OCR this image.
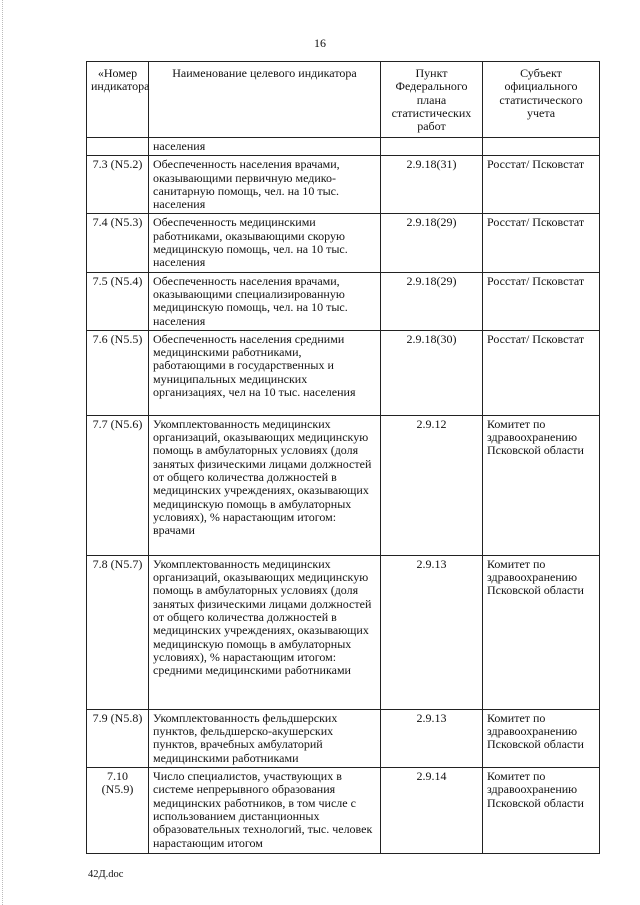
16
«Номер индикатора	Наименование целевого индикатора	Пункт Федерального плана статистических работ	Субъект официального статистического учета
	населения		
7.3 (N5.2)	Обеспеченность населения врачами, оказывающими первичную медико-санитарную помощь, чел. на 10 тыс. населения	2.9.18(31)	Росстат/ Псковстат
7.4 (N5.3)	Обеспеченность медицинскими работниками, оказывающими скорую медицинскую помощь, чел. на 10 тыс. населения	2.9.18(29)	Росстат/ Псковстат
7.5 (N5.4)	Обеспеченность населения врачами, оказывающими специализированную медицинскую помощь, чел. на 10 тыс. населения	2.9.18(29)	Росстат/ Псковстат
7.6 (N5.5)	Обеспеченность населения средними медицинскими работниками, работающими в государственных и муниципальных медицинских организациях, чел на 10 тыс. населения	2.9.18(30)	Росстат/ Псковстат
7.7 (N5.6)	Укомплектованность медицинских организаций, оказывающих медицинскую помощь в амбулаторных условиях (доля занятых физическими лицами должностей от общего количества должностей в медицинских учреждениях, оказывающих медицинскую помощь в амбулаторных условиях), % нарастающим итогом: врачами	2.9.12	Комитет по здравоохранению Псковской области
7.8 (N5.7)	Укомплектованность медицинских организаций, оказывающих медицинскую помощь в амбулаторных условиях (доля занятых физическими лицами должностей от общего количества должностей в медицинских учреждениях, оказывающих медицинскую помощь в амбулаторных условиях), % нарастающим итогом: средними медицинскими работниками	2.9.13	Комитет по здравоохранению Псковской области
7.9 (N5.8)	Укомплектованность фельдшерских пунктов, фельдшерско-акушерских пунктов, врачебных амбулаторий медицинскими работниками	2.9.13	Комитет по здравоохранению Псковской области
7.10 (N5.9)	Число специалистов, участвующих в системе непрерывного образования медицинских работников, в том числе с использованием дистанционных образовательных технологий, тыс. человек нарастающим итогом	2.9.14	Комитет по здравоохранению Псковской области
42Д.doc
